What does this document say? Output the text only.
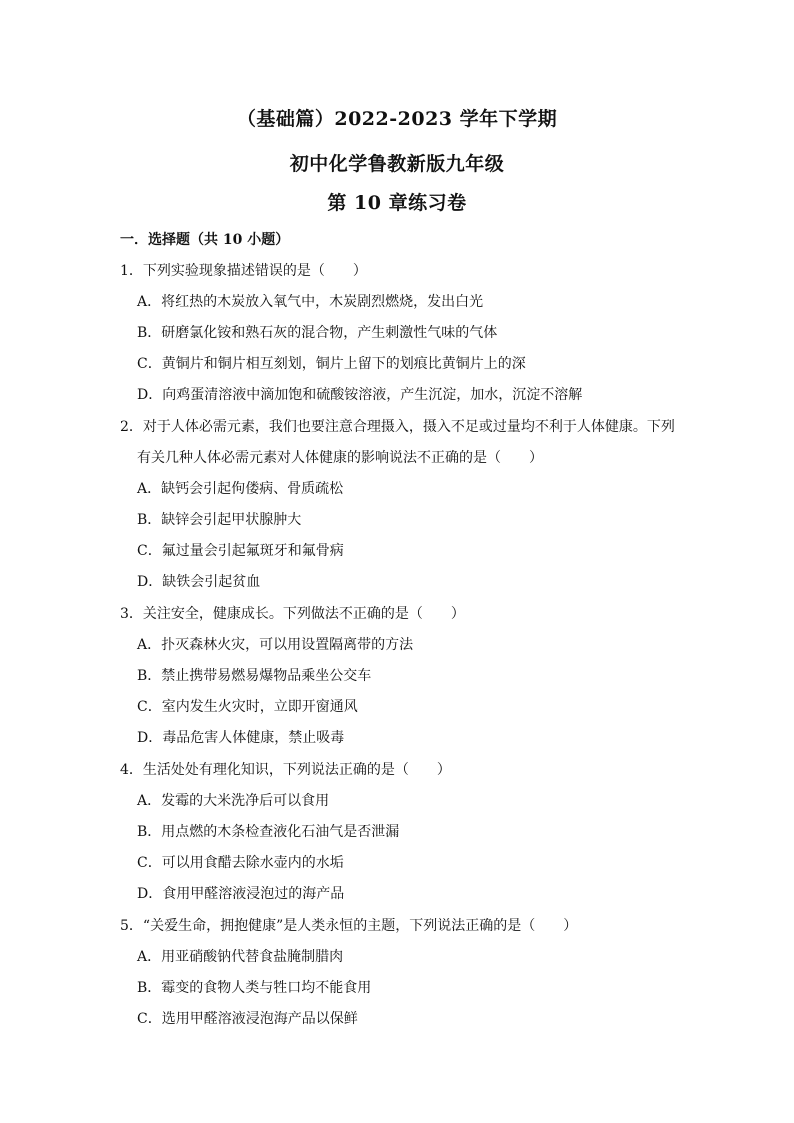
（基础篇）2022-2023 学年下学期
初中化学鲁教新版九年级
第 10 章练习卷
一．选择题（共 10 小题）
1．下列实验现象描述错误的是（　　）
A．将红热的木炭放入氧气中，木炭剧烈燃烧，发出白光
B．研磨氯化铵和熟石灰的混合物，产生刺激性气味的气体
C．黄铜片和铜片相互刻划，铜片上留下的划痕比黄铜片上的深
D．向鸡蛋清溶液中滴加饱和硫酸铵溶液，产生沉淀，加水，沉淀不溶解
2．对于人体必需元素，我们也要注意合理摄入，摄入不足或过量均不利于人体健康。下列
有关几种人体必需元素对人体健康的影响说法不正确的是（　　）
A．缺钙会引起佝偻病、骨质疏松
B．缺锌会引起甲状腺肿大
C．氟过量会引起氟斑牙和氟骨病
D．缺铁会引起贫血
3．关注安全，健康成长。下列做法不正确的是（　　）
A．扑灭森林火灾，可以用设置隔离带的方法
B．禁止携带易燃易爆物品乘坐公交车
C．室内发生火灾时，立即开窗通风
D．毒品危害人体健康，禁止吸毒
4．生活处处有理化知识，下列说法正确的是（　　）
A．发霉的大米洗净后可以食用
B．用点燃的木条检查液化石油气是否泄漏
C．可以用食醋去除水壶内的水垢
D．食用甲醛溶液浸泡过的海产品
5．“关爱生命，拥抱健康”是人类永恒的主题，下列说法正确的是（　　）
A．用亚硝酸钠代替食盐腌制腊肉
B．霉变的食物人类与牲口均不能食用
C．选用甲醛溶液浸泡海产品以保鲜
